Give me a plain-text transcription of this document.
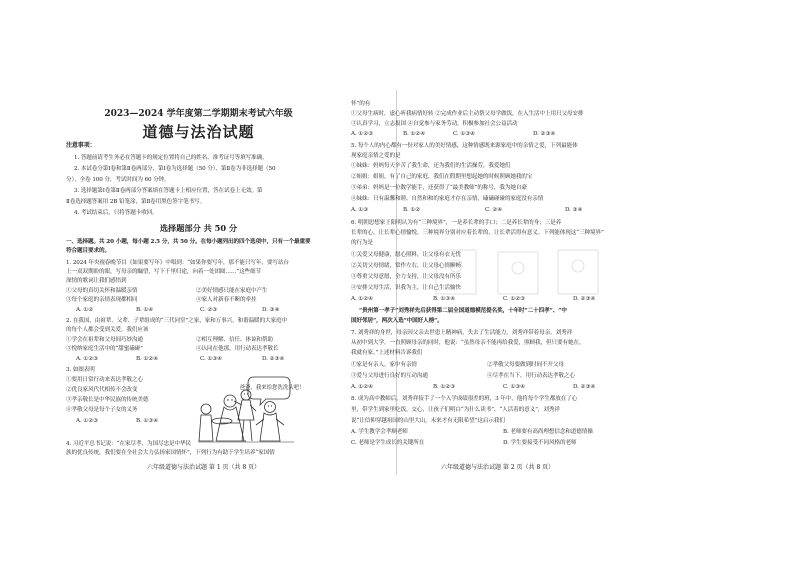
2023—2024 学年度第二学期期末考试六年级
道德与法治试题
注意事项：
1. 答题前请考生务必在答题卡的规定位置将自己的姓名、准考证号等填写准确。
2. 本试卷分第Ⅰ卷和第Ⅱ卷两部分，第Ⅰ卷为选择题（50 分），第Ⅱ卷为非选择题（50
分），全卷 100 分，考试时间为 60 分钟。
3. 选择题第Ⅰ卷第Ⅱ卷两部分答案填在答题卡上相应位置，答在试卷上无效。第
Ⅱ卷选择题答案用 2B 铅笔涂，第Ⅱ卷用黑色签字笔书写。
4. 考试结束后，只将答题卡收回。
选择题部分 共 50 分
一、选择题。共 20 小题，每小题 2.5 分，共 50 分。在每小题列出的四个选项中，只有一个最重要
符合题目要求的。
1. 2024 年央视春晚节目《如果要写年》中唱到：“如果你要写年，那不能只写年，要写站台
上一双双期盼的眼，写母亲的瞩望，写下千里归途，向着一处团圆……”这些细节
深情的歌词让我们感悟到
①父母的真切关怀和温暖亲情	②美好情感只能在家庭中产生
③每个家庭的亲情表现都相同	④家人对新春不断的牵挂
A. ①②	B. ①④	C. ②③	D. ③④
2. 在我国，由祖辈、父辈、子辈组成的“三代同堂”之家，家和万事兴，和谐温暖的大家庭中
的每个人都会受到关爱。我们应该
①学会在祖辈和父母间巧妙沟通	②相互理解、信任、体谅和帮助
③悦纳家庭生活中的“甜蜜磕碰”	④认同在他那，用行动表达孝敬长
A. ①②③	B. ①②④	C. ①③④	D. ②③④
3. 如图表明
①要用日常行动来表达孝敬之心
②优良家风代代相传不会改变
③孝亲敬长是中华民族的传统美德
④孝敬父母是每个子女的义务
A. ①②③	B. ①③④
爸爸，我来给您洗洗头吧！
4. 习近平总书记说：“在家尽孝、为国尽忠是中华民
族的优良传统，我们要在全社会大力弘扬家国情怀”，下列行为有助于学生培养“家国情
六年级道德与法治试题 第 1 页（共 8 页）
怀”的有
①父母生病时，虚心听我病情好转 ②完成作业后主动帮父母学做饭，在入生活中上用只父母安排
③认真学习，立志报国 ④自觉参与家务劳动，积极参加社会公益活动
A. ①②③	B. ①②④	C. ①③④	D. ②③④
5. 每个人的内心都有一份对家人的美好情感，这种情感既来源家庭中的亲情之爱，下列最能体
现家庭亲情之爱的是
①妹妹：妈妈每天辛苦了我生命，还为我们的生活操劳，我爱她们
②姐姐：姐姐，有了自己的家庭，我们在假期里想起她的时候照顾她我的宝
③弟弟：妈妈是一位数学能手，还获得了“最美教师”的称号，我为她自豪
④妹妹：只有温馨和睦、自然和和的家庭才存在亲情，磕磕碰碰的家庭没有亲情
A. ①③	B. ①②	C. ②④	D. ③④
6. 明朝思想家王阳明认为有“三种境界”，一是养长辈的手口；二是养长辈的身；三是养
长辈的心，让长辈心情愉悦。三种境界分别对应着长辈的，让长辈活得有意义。下列能体现这“三种境界”
的行为是
①关爱父母健康，愿心照料，让父母有衣无忧
②关切父母情绪，常作左右，让父母心情顺畅
③尊重父母意愿，全力支持，让父母没有所乐
④安排父母生活，识我为主，让自己生活愉快
A. ①②④	B. ①③④	C. ①②③	D. ②③④
“贵州第一孝子”刘秀祥先后获得第二届全国道德模范提名奖，十年时“二十四孝”、“中
国好邻居”，两次入选“中国好人榜”。
7. 刘秀祥的身世，母亲因父亲去世患上精神病，失去了生活能力，刘秀祥带着母亲，刘秀祥
从初中到大学，一直照顾母亲的同时，他说：“虽然母亲不能再给我爱，照顾我，但只要有她在，
我就有家。”上述材料告诉我们
①家是有亲人，家中有亲情	②孝敬父母要做到时间不开父母
③爱与父母进行良好的互动沟通	④尽孝在当下，用行动表达孝敬之心
A. ①②④	B. ①②③	C. ①③④	D. ②③④
8. 成为高中教师后，刘秀祥接手了一个入学成绩很差的班，3 年中，他将每个学生都放在了心
里，带学生到家里吃饭，交心，让孩子们明白“为什么读书”、“人活着的意义”，刘秀祥
说“让信仰穿越祖国的山里大山，未来才有无限希望”这启示我们
A. 学生教学会孝顺老师	B. 老师要有高尚理想信念和道德情操
C. 老师是学生成长的关键所在	D. 学生要接受不同风格的老师
六年级道德与法治试题 第 2 页（共 8 页）
